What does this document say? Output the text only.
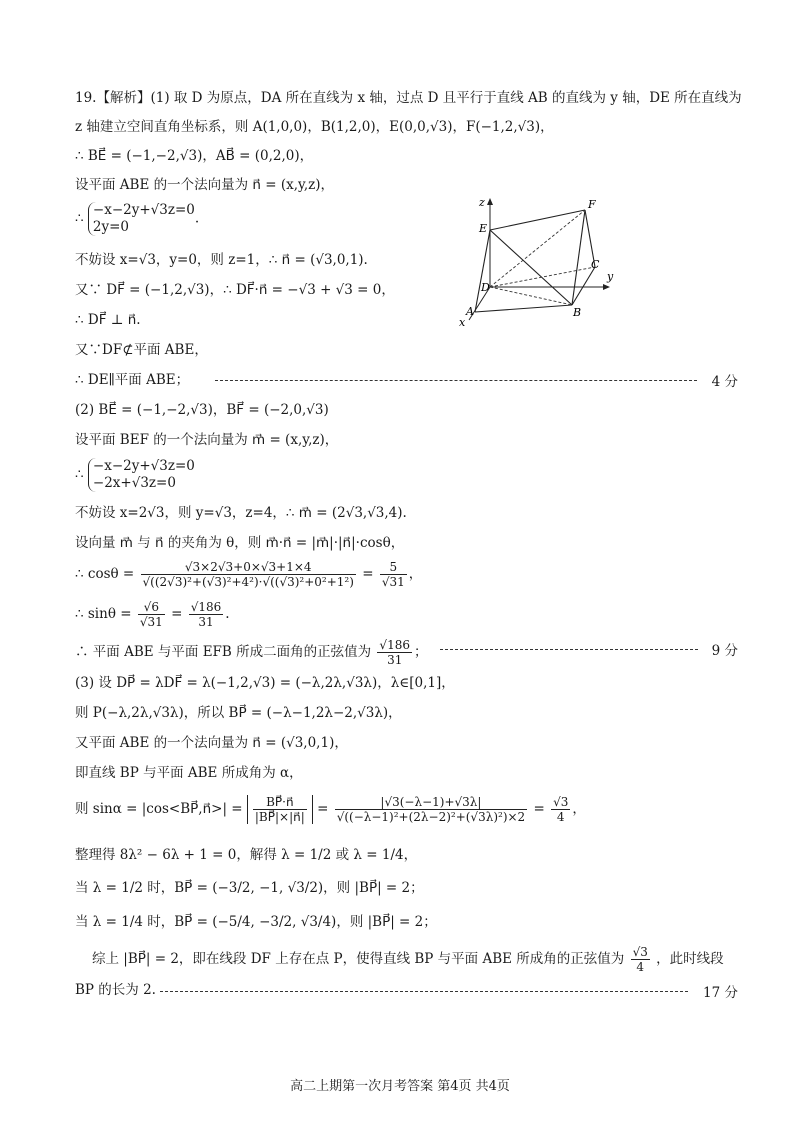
19.【解析】(1) 取 D 为原点，DA 所在直线为 x 轴，过点 D 且平行于直线 AB 的直线为 y 轴，DE 所在直线为
z 轴建立空间直角坐标系，则 A(1,0,0)，B(1,2,0)，E(0,0,√3)，F(−1,2,√3)，
∴ BE⃗ = (−1,−2,√3)，AB⃗ = (0,2,0)，
设平面 ABE 的一个法向量为 n⃗ = (x,y,z)，
∴ −x−2y+√3z=0
2y=0.
不妨设 x=√3，y=0，则 z=1，∴ n⃗ = (√3,0,1).
又∵ DF⃗ = (−1,2,√3)，∴ DF⃗·n⃗ = −√3 + √3 = 0，
∴ DF⃗ ⊥ n⃗.
又∵DF⊄平面 ABE，
∴ DE∥平面 ABE；	4 分
(2) BE⃗ = (−1,−2,√3)，BF⃗ = (−2,0,√3)
设平面 BEF 的一个法向量为 m⃗ = (x,y,z)，
∴ −x−2y+√3z=0
−2x+√3z=0
不妨设 x=2√3，则 y=√3，z=4，∴ m⃗ = (2√3,√3,4).
设向量 m⃗ 与 n⃗ 的夹角为 θ，则 m⃗·n⃗ = |m⃗|·|n⃗|·cosθ，
∴ $\cos\theta = \frac{√3\times 2√3+0\times√3+1\times 4}{\text{√((2√3)²+(√3)²+4²)·√((√3)²+0²+1²)}} = \frac{5}{√31}$ ，
∴ $\sin\theta = \frac{√6}{√31} = \frac{√186}{31}$ .
∴ 平面 ABE 与平面 EFB 所成二面角的正弦值为 $\frac{√186}{31}$ ；	9 分
(3) 设 DP⃗ = λDF⃗ = λ(−1,2,√3) = (−λ,2λ,√3λ)，λ∈[0,1]，
则 P(−λ,2λ,√3λ)，所以 BP⃗ = (−λ−1,2λ−2,√3λ)，
又平面 ABE 的一个法向量为 n⃗ = (√3,0,1)，
即直线 BP 与平面 ABE 所成角为 α，
则 sinα = |cos<BP⃗,n⃗>| = $\frac{BP⃗\cdot n⃗}{|BP⃗|\times|n⃗|} = \frac{|√3(-\lambda-1)+√3\lambda|}{\text{√((−λ−1)²+(2λ−2)²+(√3λ)²)×2}} = \frac{√3}{4}$ ，
整理得 8λ² − 6λ + 1 = 0，解得 λ = 1/2 或 λ = 1/4，
当 λ = 1/2 时，BP⃗ = (−3/2, −1, √3/2)，则 |BP⃗| = 2；
当 λ = 1/4 时，BP⃗ = (−5/4, −3/2, √3/4)，则 |BP⃗| = 2；
综上 |BP⃗| = 2，即在线段 DF 上存在点 P，使得直线 BP 与平面 ABE 所成角的正弦值为 $\frac{√3}{4}$ ，此时线段
BP 的长为 2.	17 分
z
E
F
C
y
D
A	B
x
高二上期第一次月考答案 第4页 共4页
